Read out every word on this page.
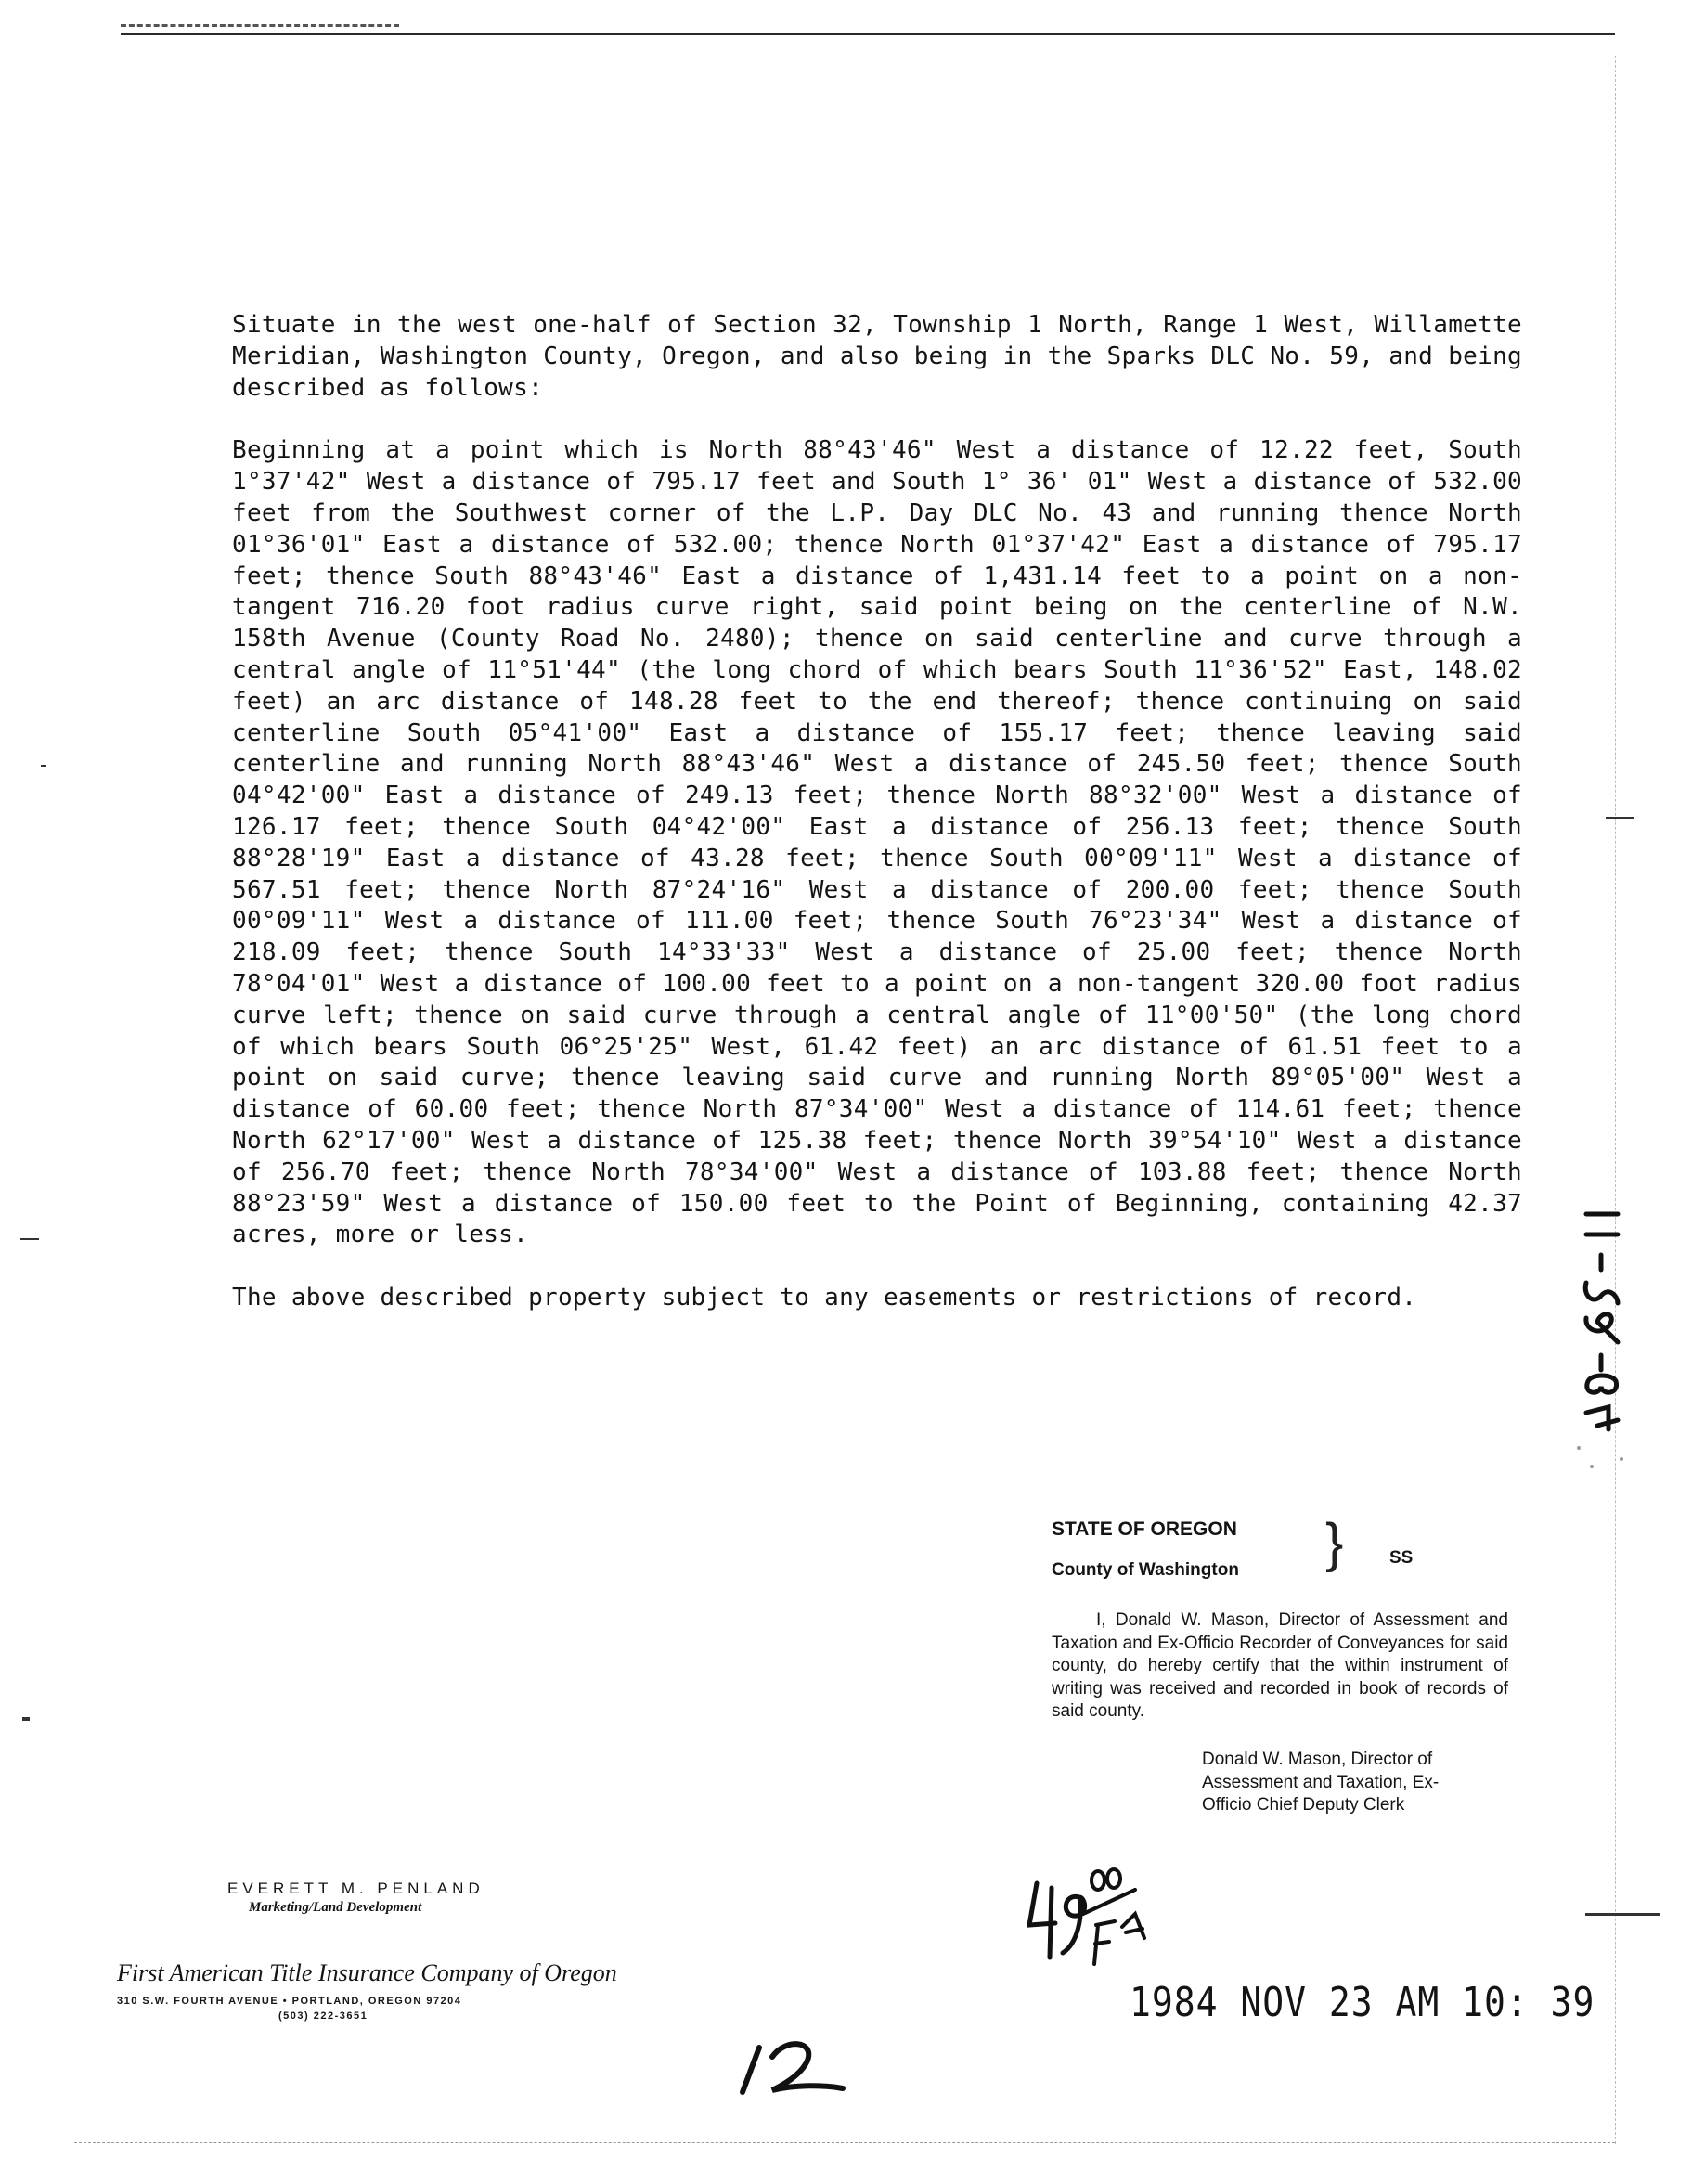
Situate in the west one-half of Section 32, Township 1 North, Range 1 West, Willamette Meridian, Washington County, Oregon, and also being in the Sparks DLC No. 59, and being described as follows:

Beginning at a point which is North 88°43'46" West a distance of 12.22 feet, South 1°37'42" West a distance of 795.17 feet and South 1° 36' 01" West a distance of 532.00 feet from the Southwest corner of the L.P. Day DLC No. 43 and running thence North 01°36'01" East a distance of 532.00; thence North 01°37'42" East a distance of 795.17 feet; thence South 88°43'46" East a distance of 1,431.14 feet to a point on a non-tangent 716.20 foot radius curve right, said point being on the centerline of N.W. 158th Avenue (County Road No. 2480); thence on said centerline and curve through a central angle of 11°51'44" (the long chord of which bears South 11°36'52" East, 148.02 feet) an arc distance of 148.28 feet to the end thereof; thence continuing on said centerline South 05°41'00" East a distance of 155.17 feet; thence leaving said centerline and running North 88°43'46" West a distance of 245.50 feet; thence South 04°42'00" East a distance of 249.13 feet; thence North 88°32'00" West a distance of 126.17 feet; thence South 04°42'00" East a distance of 256.13 feet; thence South 88°28'19" East a distance of 43.28 feet; thence South 00°09'11" West a distance of 567.51 feet; thence North 87°24'16" West a distance of 200.00 feet; thence South 00°09'11" West a distance of 111.00 feet; thence South 76°23'34" West a distance of 218.09 feet; thence South 14°33'33" West a distance of 25.00 feet; thence North 78°04'01" West a distance of 100.00 feet to a point on a non-tangent 320.00 foot radius curve left; thence on said curve through a central angle of 11°00'50" (the long chord of which bears South 06°25'25" West, 61.42 feet) an arc distance of 61.51 feet to a point on said curve; thence leaving said curve and running North 89°05'00" West a distance of 60.00 feet; thence North 87°34'00" West a distance of 114.61 feet; thence North 62°17'00" West a distance of 125.38 feet; thence North 39°54'10" West a distance of 256.70 feet; thence North 78°34'00" West a distance of 103.88 feet; thence North 88°23'59" West a distance of 150.00 feet to the Point of Beginning, containing 42.37 acres, more or less.

The above described property subject to any easements or restrictions of record.

STATE OF OREGON
County of Washington }	SS
I, Donald W. Mason, Director of Assessment and Taxation and Ex-Officio Recorder of Conveyances for said county, do hereby certify that the within instrument of writing was received and recorded in book of records of said county.
Donald W. Mason, Director of
Assessment and Taxation, Ex-
Officio Chief Deputy Clerk
1984 NOV 23 AM 10: 39
EVERETT M. PENLAND
Marketing/Land Development
First American Title Insurance Company of Oregon
310 S.W. FOURTH AVENUE • PORTLAND, OREGON 97204
(503) 222-3651
